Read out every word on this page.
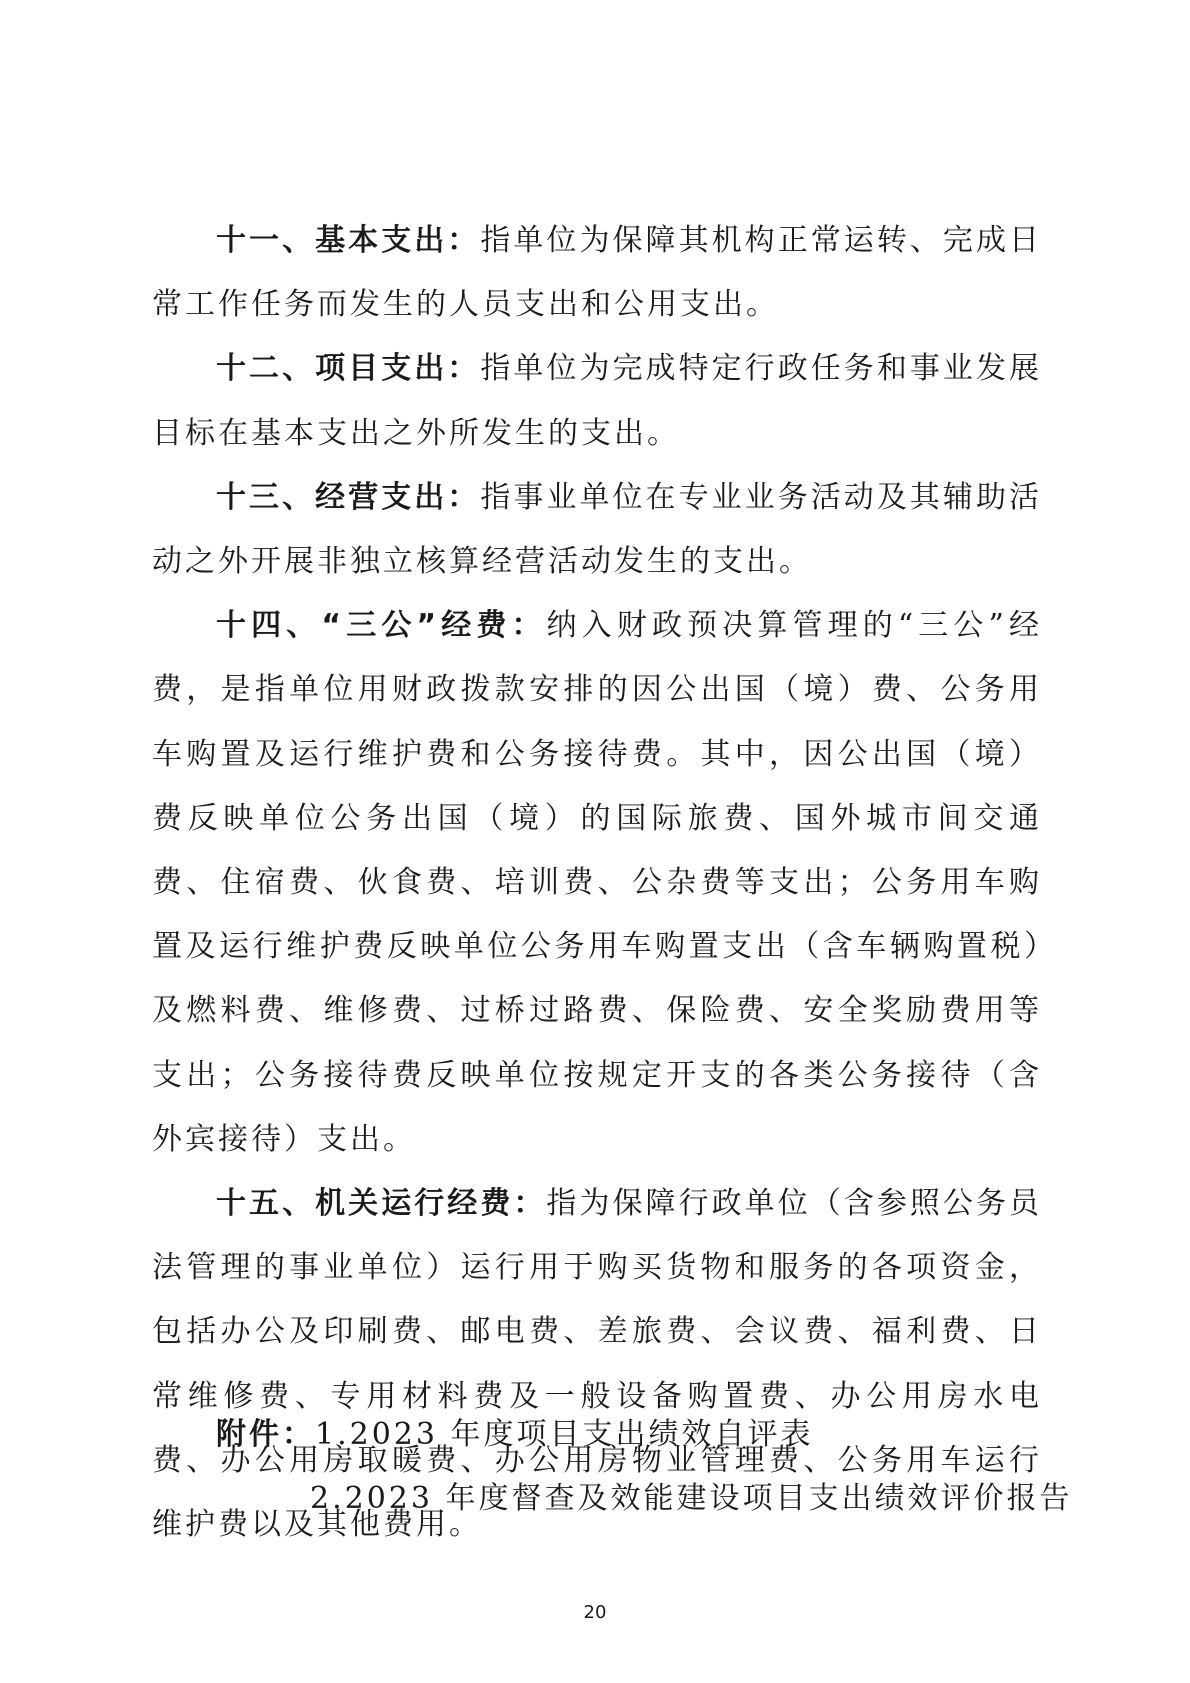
十一、基本支出：指单位为保障其机构正常运转、完成日常工作任务而发生的人员支出和公用支出。

十二、项目支出：指单位为完成特定行政任务和事业发展目标在基本支出之外所发生的支出。

十三、经营支出：指事业单位在专业业务活动及其辅助活动之外开展非独立核算经营活动发生的支出。

十四、“三公”经费：纳入财政预决算管理的“三公”经费，是指单位用财政拨款安排的因公出国（境）费、公务用车购置及运行维护费和公务接待费。其中，因公出国（境）费反映单位公务出国（境）的国际旅费、国外城市间交通费、住宿费、伙食费、培训费、公杂费等支出；公务用车购置及运行维护费反映单位公务用车购置支出（含车辆购置税）及燃料费、维修费、过桥过路费、保险费、安全奖励费用等支出；公务接待费反映单位按规定开支的各类公务接待（含外宾接待）支出。

十五、机关运行经费：指为保障行政单位（含参照公务员法管理的事业单位）运行用于购买货物和服务的各项资金，包括办公及印刷费、邮电费、差旅费、会议费、福利费、日常维修费、专用材料费及一般设备购置费、办公用房水电费、办公用房取暖费、办公用房物业管理费、公务用车运行维护费以及其他费用。

附件：1.2023 年度项目支出绩效自评表
2.2023 年度督查及效能建设项目支出绩效评价报告
20
